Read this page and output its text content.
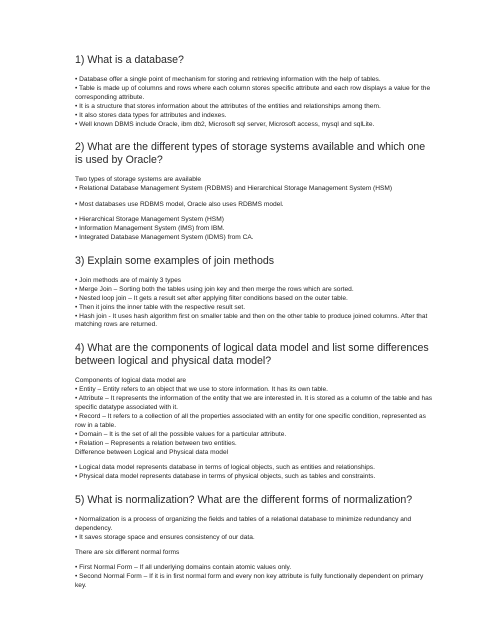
1) What is a database?

• Database offer a single point of mechanism for storing and retrieving information with the help of tables.

• Table is made up of columns and rows where each column stores specific attribute and each row displays a value for the corresponding attribute.

• It is a structure that stores information about the attributes of the entities and relationships among them.

• It also stores data types for attributes and indexes.

• Well known DBMS include Oracle, ibm db2, Microsoft sql server, Microsoft access, mysql and sqlLite.

2) What are the different types of storage systems available and which one is used by Oracle?

Two types of storage systems are available

• Relational Database Management System (RDBMS) and Hierarchical Storage Management System (HSM)

• Most databases use RDBMS model, Oracle also uses RDBMS model.

• Hierarchical Storage Management System (HSM)

• Information Management System (IMS) from IBM.

• Integrated Database Management System (IDMS) from CA.

3) Explain some examples of join methods

• Join methods are of mainly 3 types

• Merge Join – Sorting both the tables using join key and then merge the rows which are sorted.

• Nested loop join – It gets a result set after applying filter conditions based on the outer table.

• Then it joins the inner table with the respective result set.

• Hash join - It uses hash algorithm first on smaller table and then on the other table to produce joined columns. After that matching rows are returned.

4) What are the components of logical data model and list some differences between logical and physical data model?

Components of logical data model are

• Entity – Entity refers to an object that we use to store information. It has its own table.

• Attribute – It represents the information of the entity that we are interested in. It is stored as a column of the table and has specific datatype associated with it.

• Record – It refers to a collection of all the properties associated with an entity for one specific condition, represented as row in a table.

• Domain – It is the set of all the possible values for a particular attribute.

• Relation – Represents a relation between two entities.

Difference between Logical and Physical data model

• Logical data model represents database in terms of logical objects, such as entities and relationships.

• Physical data model represents database in terms of physical objects, such as tables and constraints.

5) What is normalization? What are the different forms of normalization?

• Normalization is a process of organizing the fields and tables of a relational database to minimize redundancy and dependency.

• It saves storage space and ensures consistency of our data.

There are six different normal forms

• First Normal Form – If all underlying domains contain atomic values only.

• Second Normal Form – If it is in first normal form and every non key attribute is fully functionally dependent on primary key.
